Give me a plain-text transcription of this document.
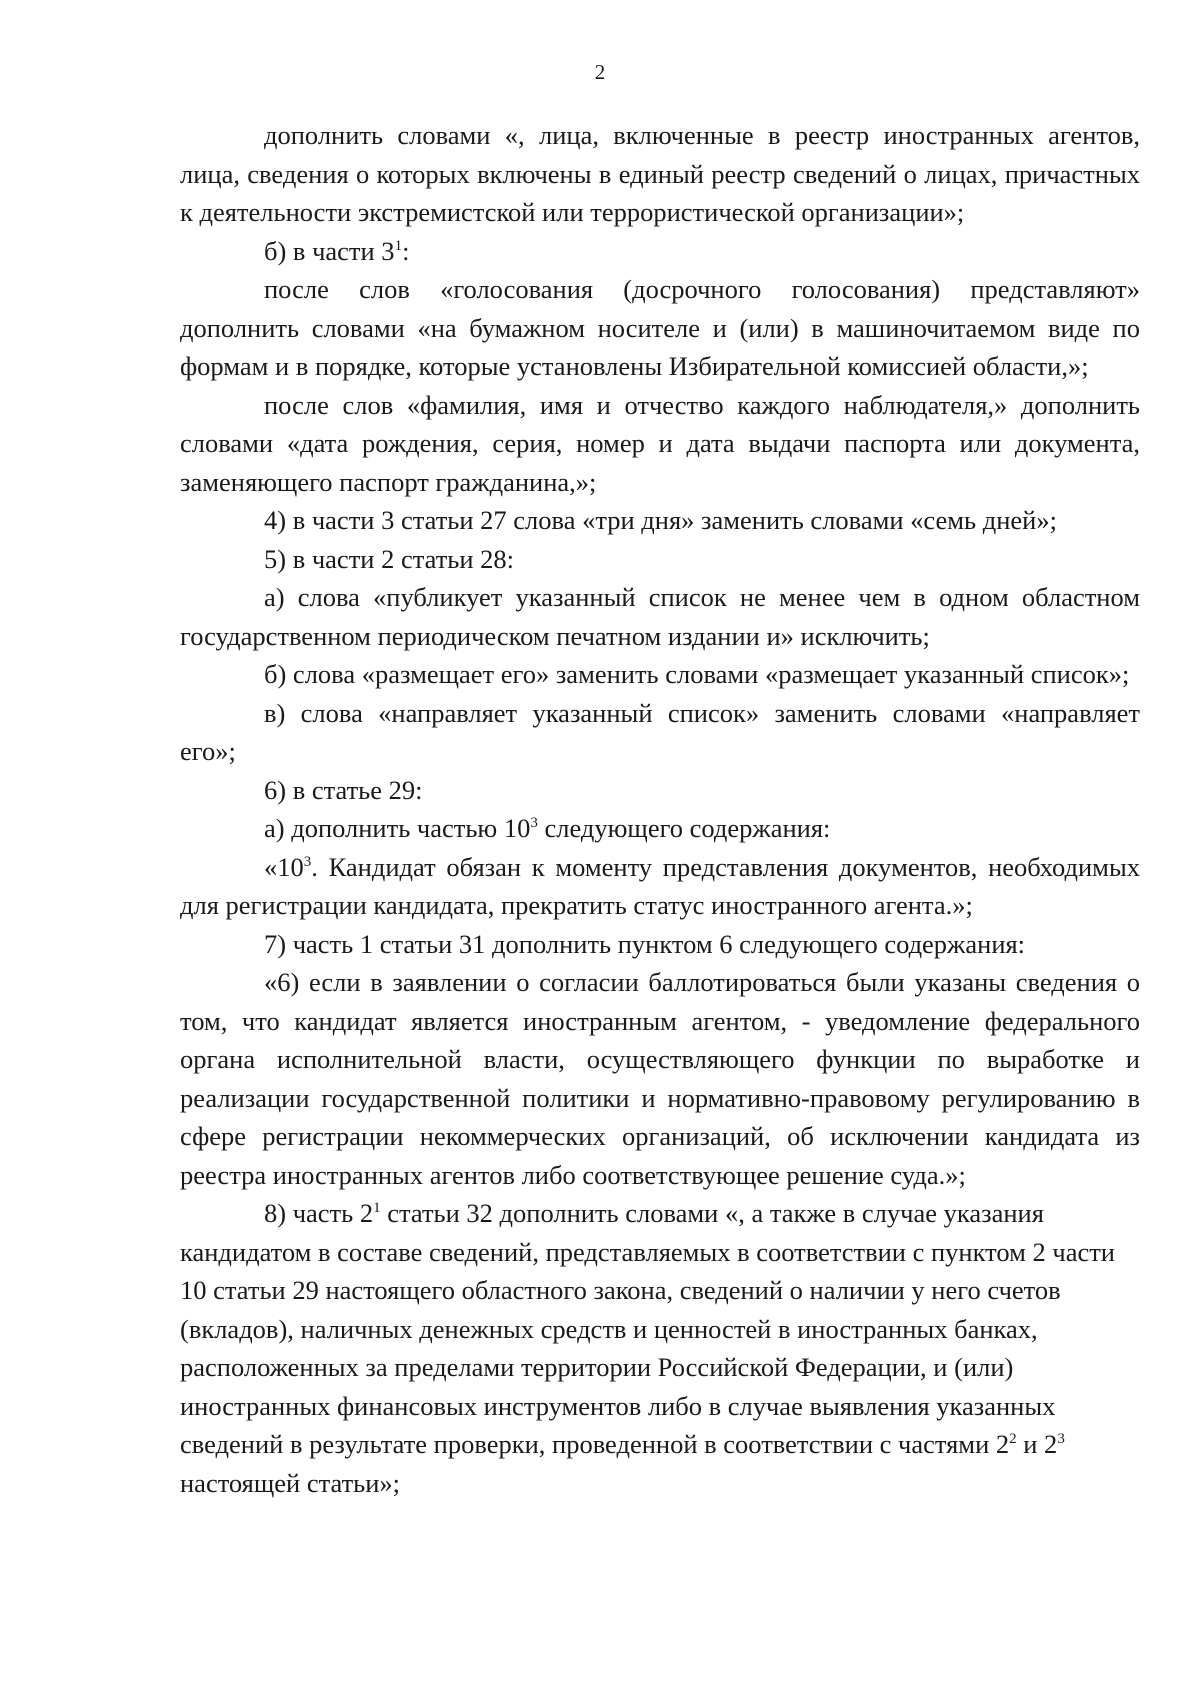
2

дополнить словами «, лица, включенные в реестр иностранных агентов, лица, сведения о которых включены в единый реестр сведений о лицах, причастных к деятельности экстремистской или террористической организации»;

б) в части $3^1$:

после слов «голосования (досрочного голосования) представляют» дополнить словами «на бумажном носителе и (или) в машиночитаемом виде по формам и в порядке, которые установлены Избирательной комиссией области,»;

после слов «фамилия, имя и отчество каждого наблюдателя,» дополнить словами «дата рождения, серия, номер и дата выдачи паспорта или документа, заменяющего паспорт гражданина,»;

4) в части 3 статьи 27 слова «три дня» заменить словами «семь дней»;

5) в части 2 статьи 28:

а) слова «публикует указанный список не менее чем в одном областном государственном периодическом печатном издании и» исключить;

б) слова «размещает его» заменить словами «размещает указанный список»;

в) слова «направляет указанный список» заменить словами «направляет его»;

6) в статье 29:

а) дополнить частью $10^3$ следующего содержания:

«$10^3$. Кандидат обязан к моменту представления документов, необходимых для регистрации кандидата, прекратить статус иностранного агента.»;

7) часть 1 статьи 31 дополнить пунктом 6 следующего содержания:

«6) если в заявлении о согласии баллотироваться были указаны сведения о том, что кандидат является иностранным агентом, - уведомление федерального органа исполнительной власти, осуществляющего функции по выработке и реализации государственной политики и нормативно-правовому регулированию в сфере регистрации некоммерческих организаций, об исключении кандидата из реестра иностранных агентов либо соответствующее решение суда.»;

8) часть $2^1$ статьи 32 дополнить словами «, а также в случае указания кандидатом в составе сведений, представляемых в соответствии с пунктом 2 части 10 статьи 29 настоящего областного закона, сведений о наличии у него счетов (вкладов), наличных денежных средств и ценностей в иностранных банках, расположенных за пределами территории Российской Федерации, и (или) иностранных финансовых инструментов либо в случае выявления указанных сведений в результате проверки, проведенной в соответствии с частями $2^2$ и $2^3$ настоящей статьи»;
